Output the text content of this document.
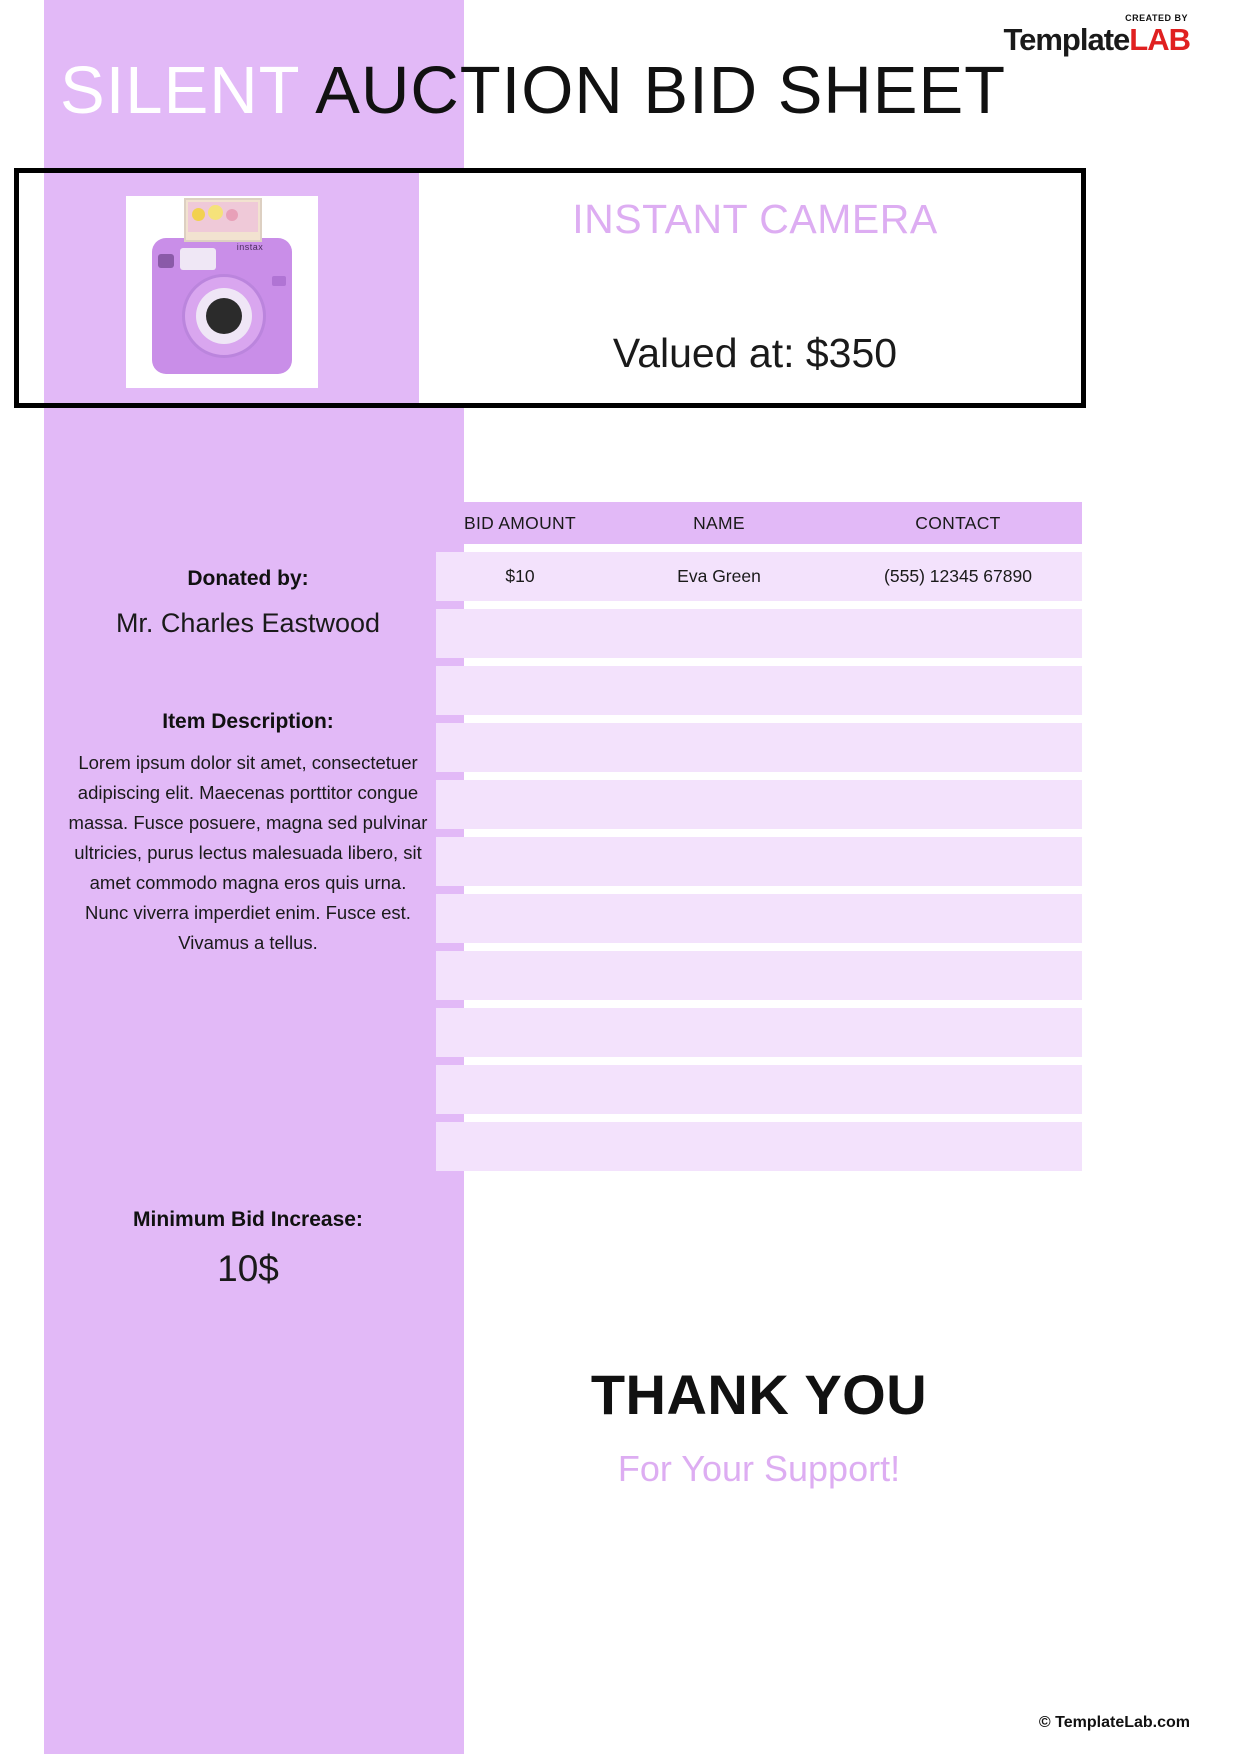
CREATED BY
TemplateLAB
SILENT AUCTION BID SHEET
instax
INSTANT CAMERA
Valued at: $350
Donated by:
Mr. Charles Eastwood
Item Description:
Lorem ipsum dolor sit amet, consectetuer adipiscing elit. Maecenas porttitor congue massa. Fusce posuere, magna sed pulvinar ultricies, purus lectus malesuada libero, sit amet commodo magna eros quis urna. Nunc viverra imperdiet enim. Fusce est. Vivamus a tellus.
Minimum Bid Increase:
10$
BID AMOUNT	NAME	CONTACT
$10	Eva Green	(555) 12345 67890
THANK YOU
For Your Support!
© TemplateLab.com
